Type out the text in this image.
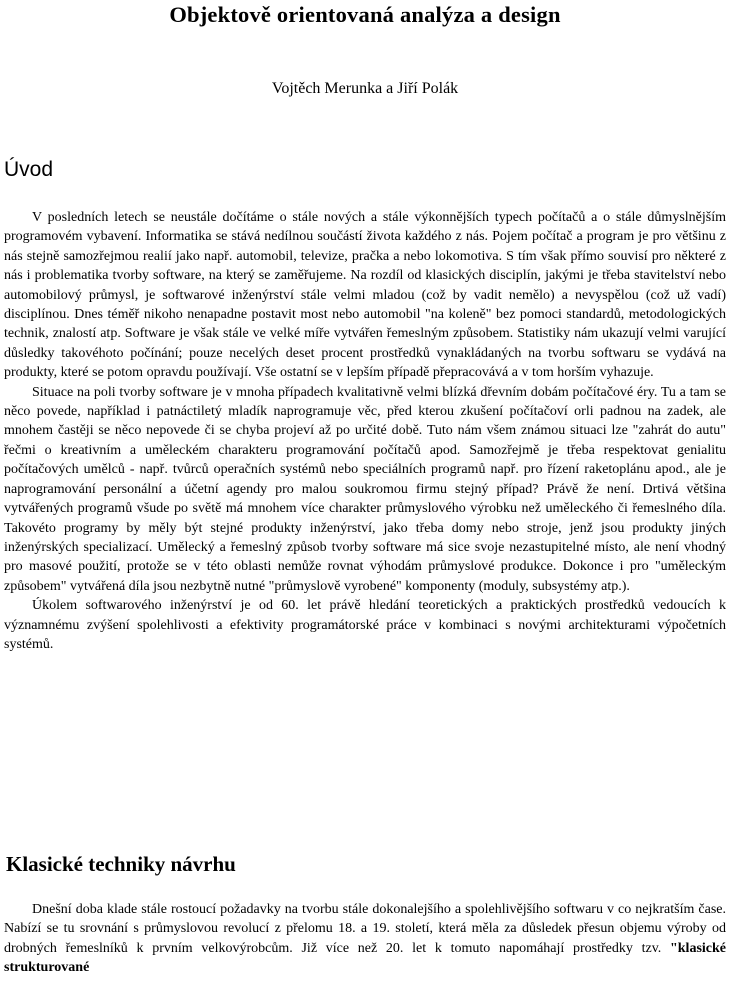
Objektově orientovaná analýza a design
Vojtěch Merunka a Jiří Polák
Úvod

V posledních letech se neustále dočítáme o stále nových a stále výkonnějších typech počítačů a o stále důmyslnějším programovém vybavení. Informatika se stává nedílnou součástí života každého z nás. Pojem počítač a program je pro většinu z nás stejně samozřejmou realií jako např. automobil, televize, pračka a nebo lokomotiva. S tím však přímo souvisí pro některé z nás i problematika tvorby software, na který se zaměřujeme. Na rozdíl od klasických disciplín, jakými je třeba stavitelství nebo automobilový průmysl, je softwarové inženýrství stále velmi mladou (což by vadit nemělo) a nevyspělou (což už vadí) disciplínou. Dnes téměř nikoho nenapadne postavit most nebo automobil "na koleně" bez pomoci standardů, metodologických technik, znalostí atp. Software je však stále ve velké míře vytvářen řemeslným způsobem. Statistiky nám ukazují velmi varující důsledky takovéhoto počínání; pouze necelých deset procent prostředků vynakládaných na tvorbu softwaru se vydává na produkty, které se potom opravdu používají. Vše ostatní se v lepším případě přepracovává a v tom horším vyhazuje.

Situace na poli tvorby software je v mnoha případech kvalitativně velmi blízká dřevním dobám počítačové éry. Tu a tam se něco povede, například i patnáctiletý mladík naprogramuje věc, před kterou zkušení počítačoví orli padnou na zadek, ale mnohem častěji se něco nepovede či se chyba projeví až po určité době. Tuto nám všem známou situaci lze "zahrát do autu" řečmi o kreativním a uměleckém charakteru programování počítačů apod. Samozřejmě je třeba respektovat genialitu počítačových umělců - např. tvůrců operačních systémů nebo speciálních programů např. pro řízení raketoplánu apod., ale je naprogramování personální a účetní agendy pro malou soukromou firmu stejný případ? Právě že není. Drtivá většina vytvářených programů všude po světě má mnohem více charakter průmyslového výrobku než uměleckého či řemeslného díla. Takovéto programy by měly být stejné produkty inženýrství, jako třeba domy nebo stroje, jenž jsou produkty jiných inženýrských specializací. Umělecký a řemeslný způsob tvorby software má sice svoje nezastupitelné místo, ale není vhodný pro masové použití, protože se v této oblasti nemůže rovnat výhodám průmyslové produkce. Dokonce i pro "uměleckým způsobem" vytvářená díla jsou nezbytně nutné "průmyslově vyrobené" komponenty (moduly, subsystémy atp.).

Úkolem softwarového inženýrství je od 60. let právě hledání teoretických a praktických prostředků vedoucích k významnému zvýšení spolehlivosti a efektivity programátorské práce v kombinaci s novými architekturami výpočetních systémů.

Klasické techniky návrhu

Dnešní doba klade stále rostoucí požadavky na tvorbu stále dokonalejšího a spolehlivějšího softwaru v co nejkratším čase. Nabízí se tu srovnání s průmyslovou revolucí z přelomu 18. a 19. století, která měla za důsledek přesun objemu výroby od drobných řemeslníků k prvním velkovýrobcům. Již více než 20. let k tomuto napomáhají prostředky tzv. "klasické strukturované
